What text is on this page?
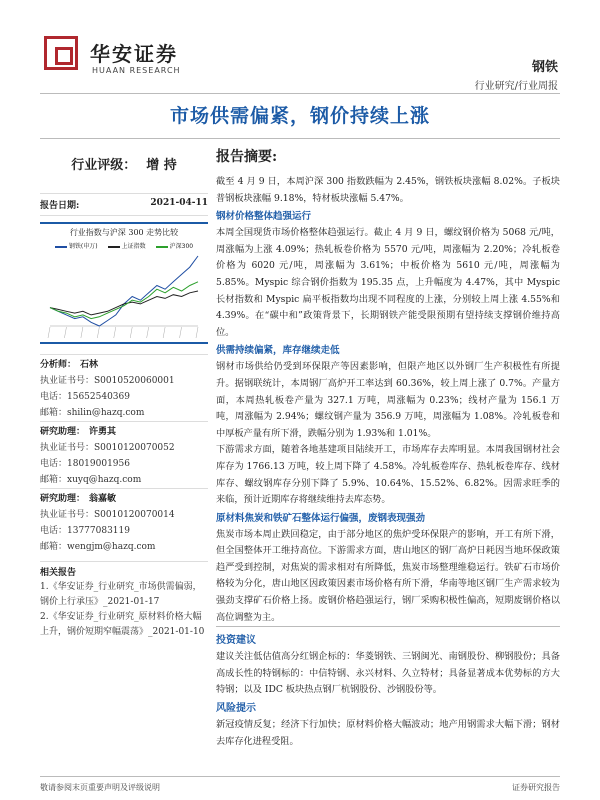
华安证券
HUAAN RESEARCH	钢铁
行业研究/行业周报
市场供需偏紧，钢价持续上涨
行业评级： 增 持
报告日期:	2021-04-11
行业指数与沪深 300 走势比较
钢铁(申万)	上证指数	沪深300
分析师： 石林
执业证书号：S0010520060001
电话：15652540369
邮箱：shilin@hazq.com
研究助理： 许勇其
执业证书号：S0010120070052
电话：18019001956
邮箱：xuyq@hazq.com
研究助理： 翁嘉敏
执业证书号：S0010120070014
电话：13777083119
邮箱：wengjm@hazq.com
相关报告
1.《华安证券_行业研究_市场供需偏弱，钢价上行承压》_2021-01-17
2.《华安证券_行业研究_原材料价格大幅上升，钢价短期窄幅震荡》_2021-01-10
报告摘要:

截至 4 月 9 日，本周沪深 300 指数跌幅为 2.45%，钢铁板块涨幅 8.02%。子板块普钢板块涨幅 9.18%，特材板块涨幅 5.47%。

钢材价格整体趋强运行

本周全国现货市场价格整体趋强运行。截止 4 月 9 日，螺纹钢价格为 5068 元/吨，周涨幅为上涨 4.09%；热轧板卷价格为 5570 元/吨，周涨幅为 2.20%；冷轧板卷价格为 6020 元/吨，周涨幅为 3.61%；中板价格为 5610 元/吨，周涨幅为 5.85%。Myspic 综合钢价指数为 195.35 点，上升幅度为 4.47%，其中 Myspic 长材指数和 Myspic 扁平板指数均出现不同程度的上涨，分别较上周上涨 4.55%和 4.39%。在“碳中和”政策背景下，长期钢铁产能受限预期有望持续支撑钢价维持高位。

供需持续偏紧，库存继续走低

钢材市场供给仍受到环保限产等因素影响，但限产地区以外钢厂生产积极性有所提升。据钢联统计，本周钢厂高炉开工率达到 60.36%，较上周上涨了 0.7%。产量方面，本周热轧板卷产量为 327.1 万吨，周涨幅为 0.23%；线材产量为 156.1 万吨，周涨幅为 2.94%；螺纹钢产量为 356.9 万吨，周涨幅为 1.08%。冷轧板卷和中厚板产量有所下滑，跌幅分别为 1.93%和 1.01%。

下游需求方面，随着各地基建项目陆续开工，市场库存去库明显。本周我国钢材社会库存为 1766.13 万吨，较上周下降了 4.58%。冷轧板卷库存、热轧板卷库存、线材库存、螺纹钢库存分别下降了 5.9%、10.64%、15.52%、6.82%。因需求旺季的来临，预计近期库存将继续维持去库态势。

原材料焦炭和铁矿石整体运行偏强，废钢表现强劲

焦炭市场本周止跌回稳定，由于部分地区的焦炉受环保限产的影响，开工有所下滑，但全国整体开工维持高位。下游需求方面，唐山地区的钢厂高炉日耗因当地环保政策趋严受到控制，对焦炭的需求相对有所降低，焦炭市场整理维稳运行。铁矿石市场价格较为分化，唐山地区因政策因素市场价格有所下滑，华南等地区钢厂生产需求较为强劲支撑矿石价格上扬。废钢价格趋强运行，钢厂采购积极性偏高，短期废钢价格以高位调整为主。

投资建议

建议关注低估值高分红钢企标的：华菱钢铁、三钢闽光、南钢股份、柳钢股份；具备高成长性的特钢标的：中信特钢、永兴材料、久立特材；具备显著成本优势标的方大特钢；以及 IDC 板块热点钢厂杭钢股份、沙钢股份等。

风险提示

新冠疫情反复；经济下行加快；原材料价格大幅波动；地产用钢需求大幅下滑；钢材去库存化进程受阻。

敬请参阅末页重要声明及评级说明	证券研究报告
